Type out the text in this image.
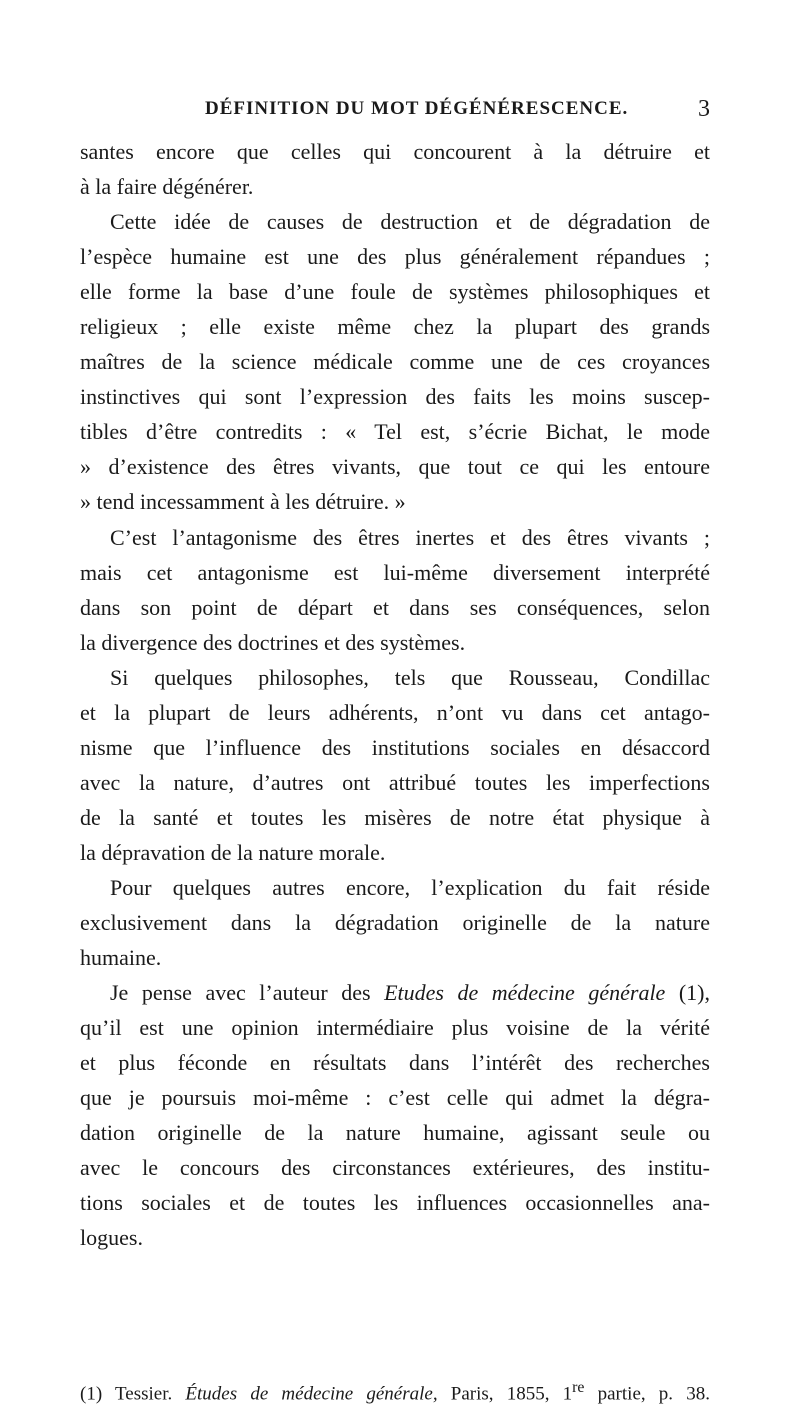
DÉFINITION DU MOT DÉGÉNÉRESCENCE.	3
santes encore que celles qui concourent à la détruire et
à la faire dégénérer.
Cette idée de causes de destruction et de dégradation de
l’espèce humaine est une des plus généralement répandues ;
elle forme la base d’une foule de systèmes philosophiques et
religieux ; elle existe même chez la plupart des grands
maîtres de la science médicale comme une de ces croyances
instinctives qui sont l’expression des faits les moins suscep-
tibles d’être contredits : « Tel est, s’écrie Bichat, le mode
» d’existence des êtres vivants, que tout ce qui les entoure
» tend incessamment à les détruire. »
C’est l’antagonisme des êtres inertes et des êtres vivants ;
mais cet antagonisme est lui-même diversement interprété
dans son point de départ et dans ses conséquences, selon
la divergence des doctrines et des systèmes.
Si quelques philosophes, tels que Rousseau, Condillac
et la plupart de leurs adhérents, n’ont vu dans cet antago-
nisme que l’influence des institutions sociales en désaccord
avec la nature, d’autres ont attribué toutes les imperfections
de la santé et toutes les misères de notre état physique à
la dépravation de la nature morale.
Pour quelques autres encore, l’explication du fait réside
exclusivement dans la dégradation originelle de la nature
humaine.
Je pense avec l’auteur des Etudes de médecine générale (1),
qu’il est une opinion intermédiaire plus voisine de la vérité
et plus féconde en résultats dans l’intérêt des recherches
que je poursuis moi-même : c’est celle qui admet la dégra-
dation originelle de la nature humaine, agissant seule ou
avec le concours des circonstances extérieures, des institu-
tions sociales et de toutes les influences occasionnelles ana-
logues.
(1) Tessier. Études de médecine générale, Paris, 1855, 1re partie, p. 38.
